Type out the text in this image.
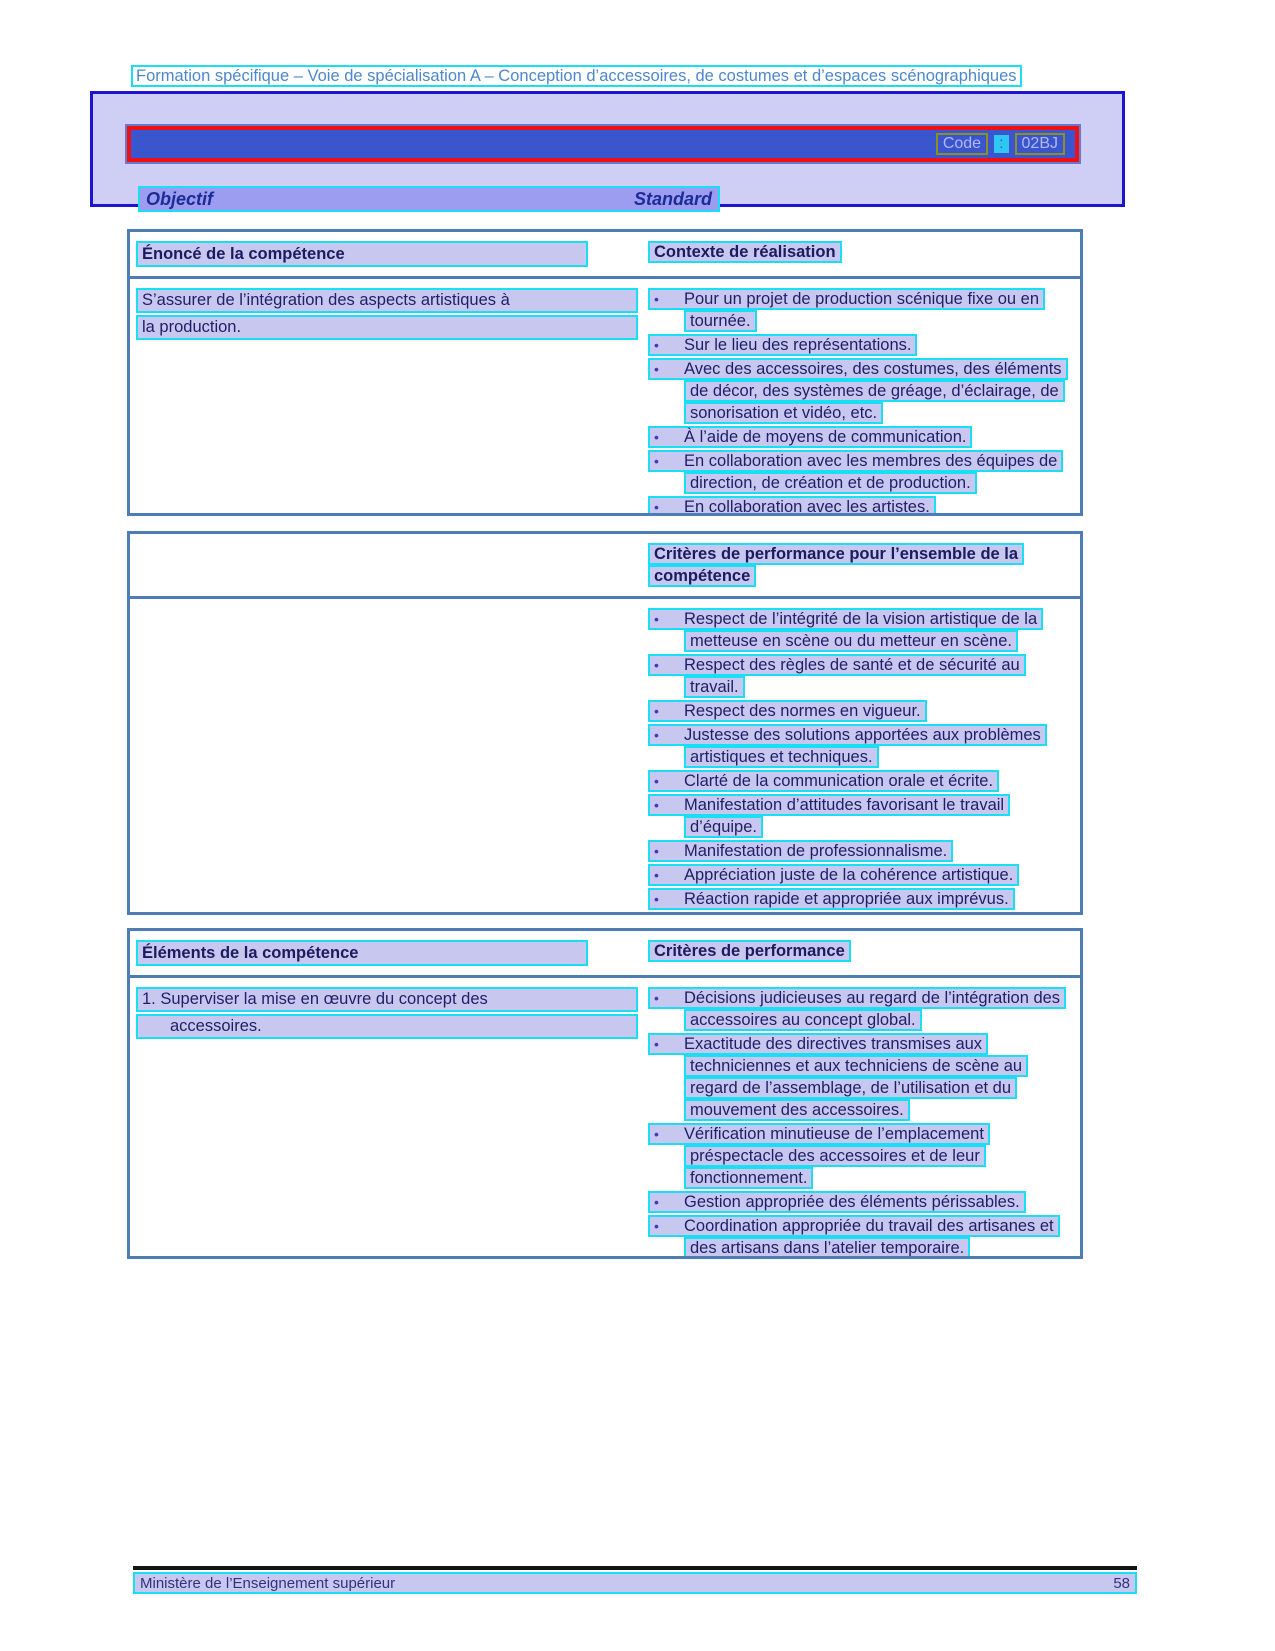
Formation spécifique – Voie de spécialisation A – Conception d’accessoires, de costumes et d’espaces scénographiques
Code	:	02BJ
Objectif	Standard
Énoncé de la compétence	Contexte de réalisation
S’assurer de l’intégration des aspects artistiques à
la production.
• Pour un projet de production scénique fixe ou en tournée.
• Sur le lieu des représentations.
• Avec des accessoires, des costumes, des éléments de décor, des systèmes de gréage, d’éclairage, de sonorisation et vidéo, etc.
• À l’aide de moyens de communication.
• En collaboration avec les membres des équipes de direction, de création et de production.
• En collaboration avec les artistes.
Critères de performance pour l’ensemble de la compétence
• Respect de l’intégrité de la vision artistique de la metteuse en scène ou du metteur en scène.
• Respect des règles de santé et de sécurité au travail.
• Respect des normes en vigueur.
• Justesse des solutions apportées aux problèmes artistiques et techniques.
• Clarté de la communication orale et écrite.
• Manifestation d’attitudes favorisant le travail d’équipe.
• Manifestation de professionnalisme.
• Appréciation juste de la cohérence artistique.
• Réaction rapide et appropriée aux imprévus.
Éléments de la compétence	Critères de performance
1. Superviser la mise en œuvre du concept des
accessoires.
• Décisions judicieuses au regard de l’intégration des accessoires au concept global.
• Exactitude des directives transmises aux techniciennes et aux techniciens de scène au regard de l’assemblage, de l’utilisation et du mouvement des accessoires.
• Vérification minutieuse de l’emplacement préspectacle des accessoires et de leur fonctionnement.
• Gestion appropriée des éléments périssables.
• Coordination appropriée du travail des artisanes et des artisans dans l’atelier temporaire.
Ministère de l’Enseignement supérieur	58
